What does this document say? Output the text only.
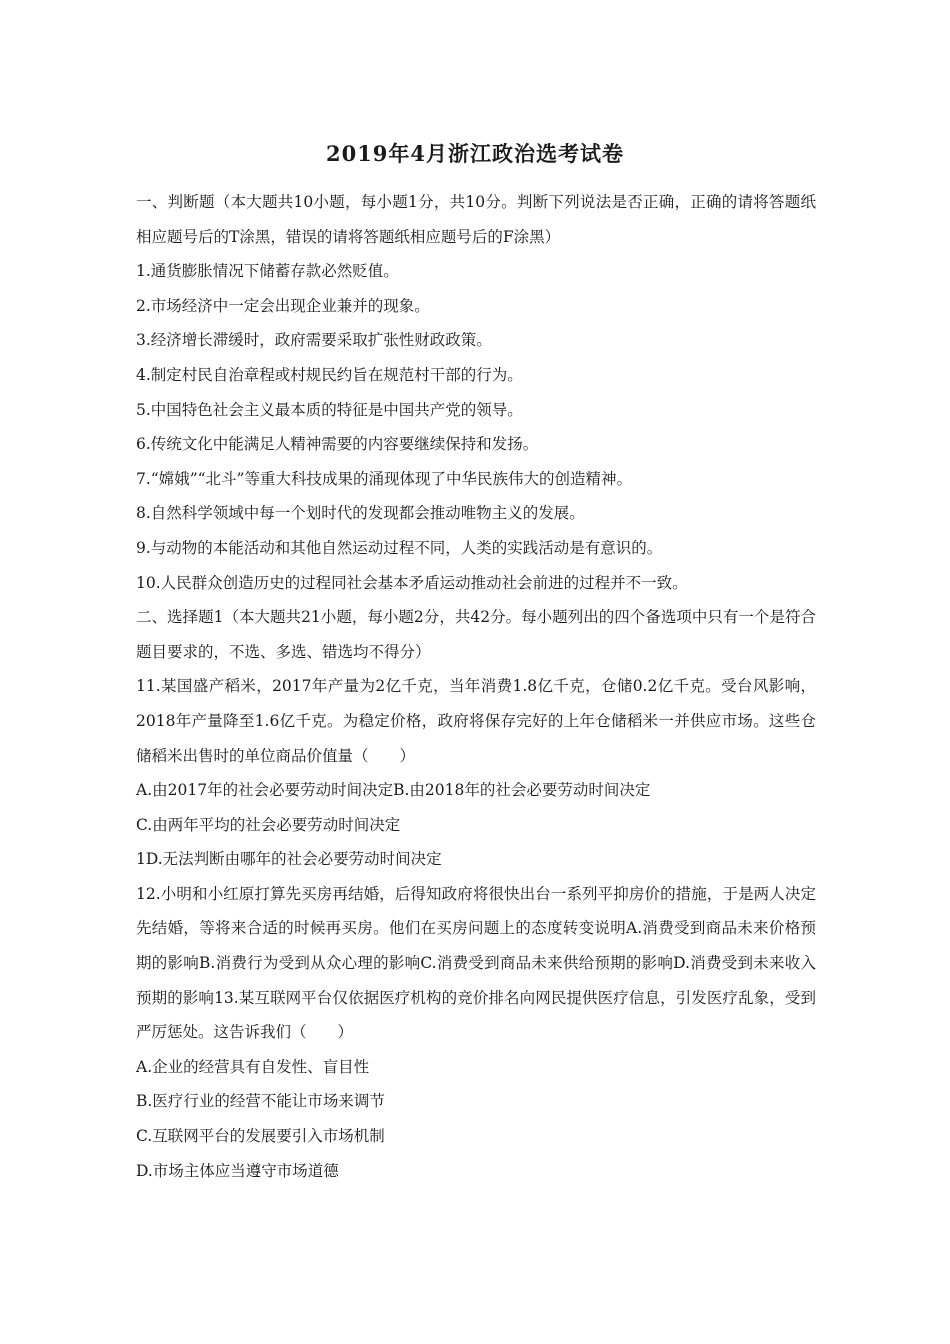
2019年4月浙江政治选考试卷

一、判断题（本大题共10小题，每小题1分，共10分。判断下列说法是否正确，正确的请将答题纸相应题号后的T涂黑，错误的请将答题纸相应题号后的F涂黑）

1.通货膨胀情况下储蓄存款必然贬值。

2.市场经济中一定会出现企业兼并的现象。

3.经济增长滞缓时，政府需要采取扩张性财政政策。

4.制定村民自治章程或村规民约旨在规范村干部的行为。

5.中国特色社会主义最本质的特征是中国共产党的领导。

6.传统文化中能满足人精神需要的内容要继续保持和发扬。

7.“嫦娥”“北斗”等重大科技成果的涌现体现了中华民族伟大的创造精神。

8.自然科学领域中每一个划时代的发现都会推动唯物主义的发展。

9.与动物的本能活动和其他自然运动过程不同，人类的实践活动是有意识的。

10.人民群众创造历史的过程同社会基本矛盾运动推动社会前进的过程并不一致。

二、选择题1（本大题共21小题，每小题2分，共42分。每小题列出的四个备选项中只有一个是符合题目要求的，不选、多选、错选均不得分）

11.某国盛产稻米，2017年产量为2亿千克，当年消费1.8亿千克，仓储0.2亿千克。受台风影响，2018年产量降至1.6亿千克。为稳定价格，政府将保存完好的上年仓储稻米一并供应市场。这些仓储稻米出售时的单位商品价值量（　　）

A.由2017年的社会必要劳动时间决定B.由2018年的社会必要劳动时间决定

C.由两年平均的社会必要劳动时间决定

1D.无法判断由哪年的社会必要劳动时间决定

12.小明和小红原打算先买房再结婚，后得知政府将很快出台一系列平抑房价的措施，于是两人决定先结婚，等将来合适的时候再买房。他们在买房问题上的态度转变说明A.消费受到商品未来价格预期的影响B.消费行为受到从众心理的影响C.消费受到商品未来供给预期的影响D.消费受到未来收入预期的影响13.某互联网平台仅依据医疗机构的竞价排名向网民提供医疗信息，引发医疗乱象，受到严厉惩处。这告诉我们（　　）

A.企业的经营具有自发性、盲目性

B.医疗行业的经营不能让市场来调节

C.互联网平台的发展要引入市场机制

D.市场主体应当遵守市场道德
